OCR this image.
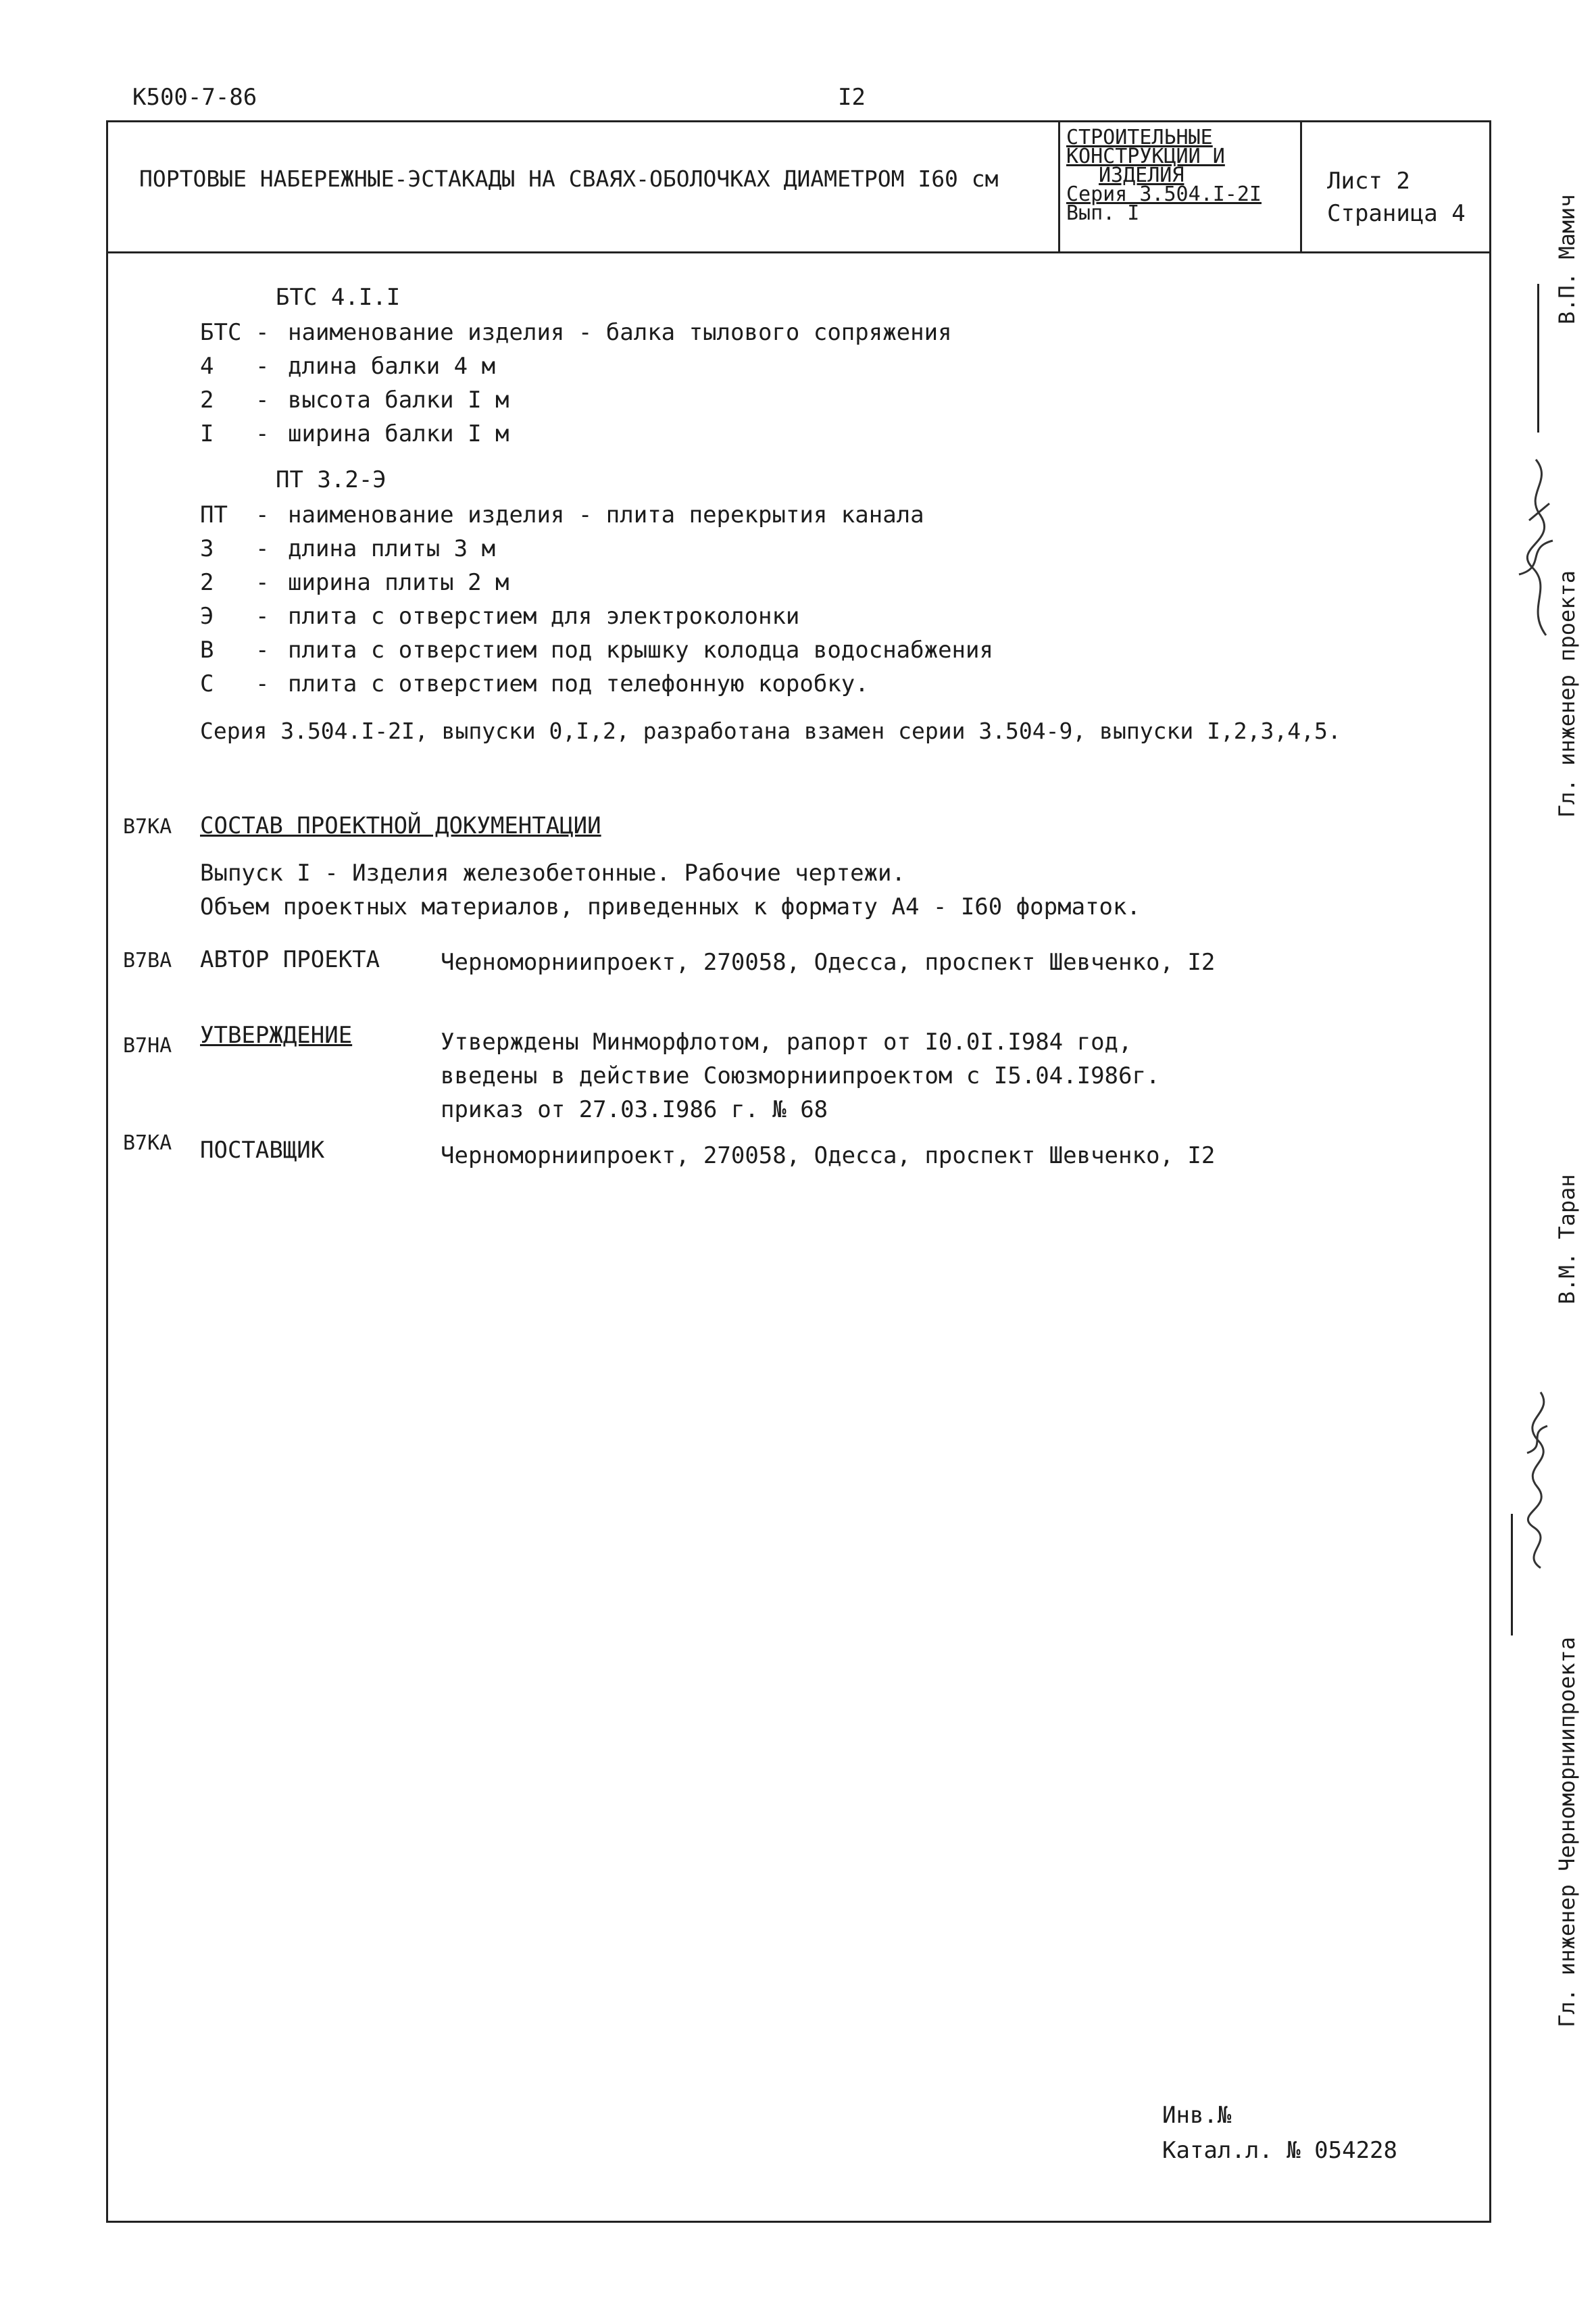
К500-7-86	I2
ПОРТОВЫЕ НАБЕРЕЖНЫЕ-ЭСТАКАДЫ НА СВАЯХ-ОБОЛОЧКАХ ДИАМЕТРОМ I60 см
СТРОИТЕЛЬНЫЕ
КОНСТРУКЦИИ И
ИЗДЕЛИЯ
Серия 3.504.I-2I
Вып. I
Лист 2
Страница 4
БТС 4.I.I
БТС - наименование изделия - балка тылового сопряжения
4 - длина балки 4 м
2 - высота балки I м
I - ширина балки I м
ПТ 3.2-Э
ПТ - наименование изделия - плита перекрытия канала
3 - длина плиты 3 м
2 - ширина плиты 2 м
Э - плита с отверстием для электроколонки
В - плита с отверстием под крышку колодца водоснабжения
С - плита с отверстием под телефонную коробку.
Серия 3.504.I-2I, выпуски 0,I,2, разработана взамен серии 3.504-9, выпуски I,2,3,4,5.
В7КА СОСТАВ ПРОЕКТНОЙ ДОКУМЕНТАЦИИ
Выпуск I - Изделия железобетонные. Рабочие чертежи.
Объем проектных материалов, приведенных к формату А4 - I60 форматок.
В7ВА АВТОР ПРОЕКТА	Черноморниипроект, 270058, Одесса, проспект Шевченко, I2
В7НА УТВЕРЖДЕНИЕ	Утверждены Минморфлотом, рапорт от I0.0I.I984 год,
введены в действие Союзморниипроектом с I5.04.I986г.
приказ от 27.03.I986 г. № 68
В7КА ПОСТАВЩИК	Черноморниипроект, 270058, Одесса, проспект Шевченко, I2
Инв.№
Катал.л. № 054228
Гл. инженер проекта
В.П. Мамич
В.М. Таран
Гл. инженер Черноморниипроекта
